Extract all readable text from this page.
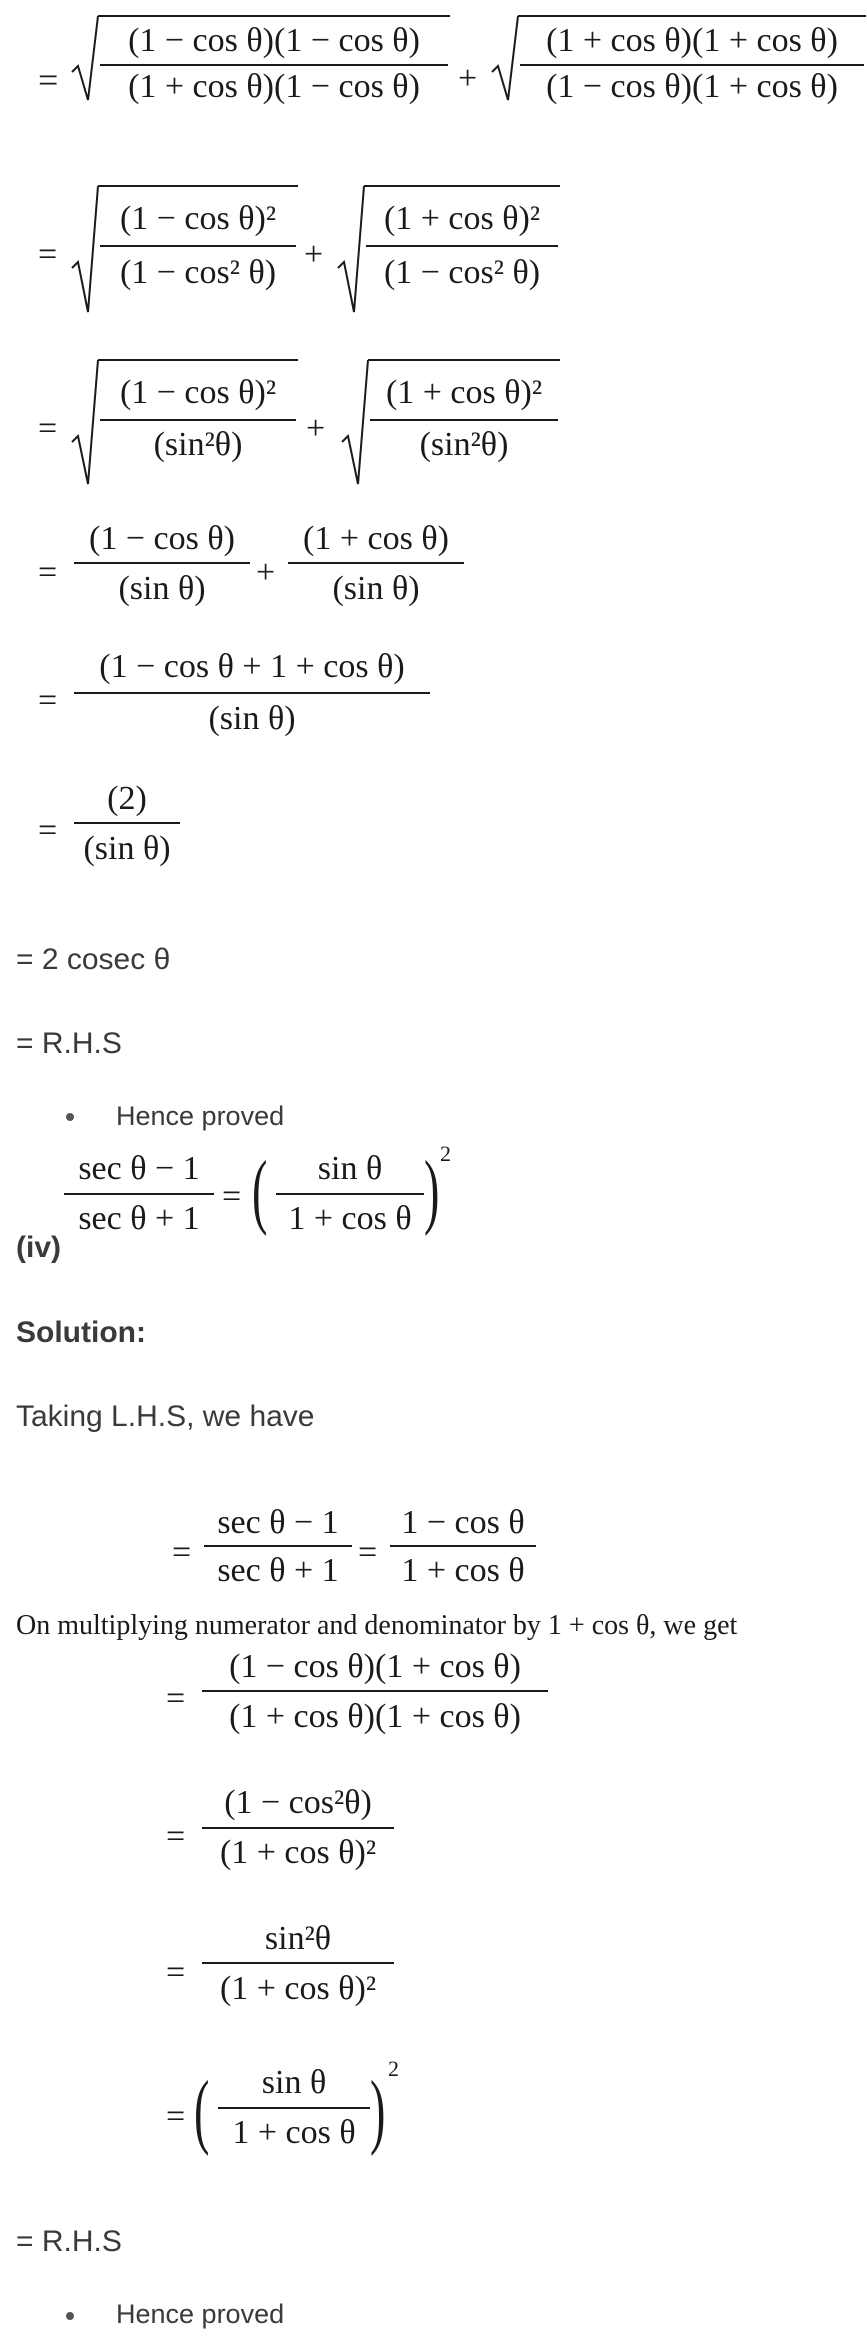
=
(1 − cos θ)(1 − cos θ)
(1 + cos θ)(1 − cos θ)	+
(1 + cos θ)(1 + cos θ)
(1 − cos θ)(1 + cos θ)
=
(1 − cos θ)²
(1 − cos² θ) +
(1 + cos θ)²
(1 − cos² θ)
=
(1 − cos θ)²
(sin²θ)	+
(1 + cos θ)²
(sin²θ)
=
(1 − cos θ)
(sin θ)	+
(1 + cos θ)
(sin θ)
=
(1 − cos θ + 1 + cos θ)
(sin θ)
=
(2)
(sin θ)
= 2 cosec θ
= R.H.S
Hence proved
sec θ − 1
sec θ + 1
= (	sin θ
1 + cos θ ) 2
(iv)
Solution:
Taking L.H.S, we have
=
sec θ − 1
sec θ + 1 =
1 − cos θ
1 + cos θ
On multiplying numerator and denominator by 1 + cos θ, we get
=
(1 − cos θ)(1 + cos θ)
(1 + cos θ)(1 + cos θ)
=
(1 − cos²θ)
(1 + cos θ)²
=
sin²θ
(1 + cos θ)²
= (	sin θ
1 + cos θ ) 2
= R.H.S
Hence proved
